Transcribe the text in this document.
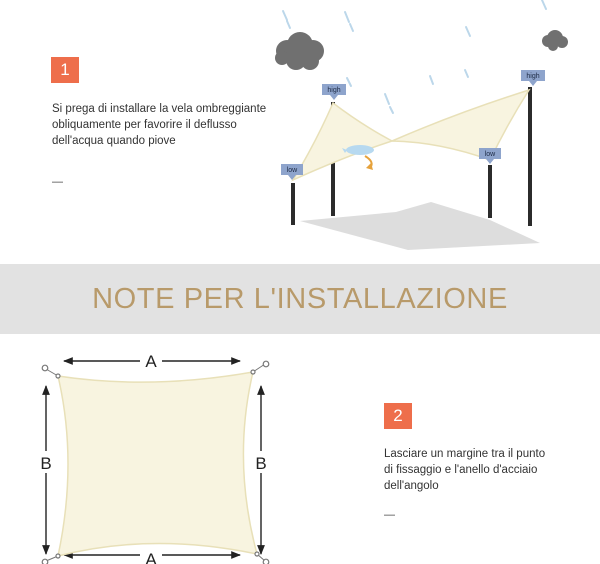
1
Si prega di installare la vela ombreggiante
obliquamente per favorire il deflusso
dell'acqua quando piove
—
high
high
low
low
NOTE PER L'INSTALLAZIONE
A
A
B	B
2
Lasciare un margine tra il punto
di fissaggio e l'anello d'acciaio
dell'angolo
—
